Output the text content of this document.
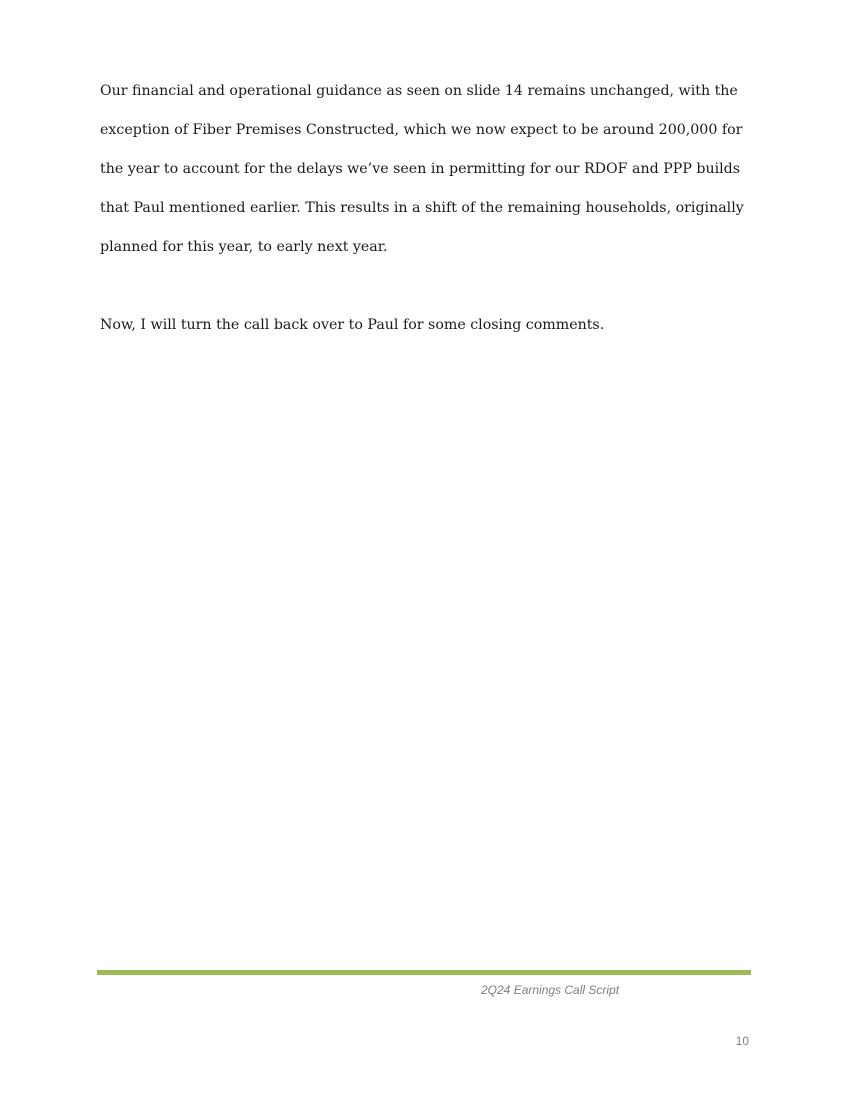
Our financial and operational guidance as seen on slide 14 remains unchanged, with the exception of Fiber Premises Constructed, which we now expect to be around 200,000 for the year to account for the delays we’ve seen in permitting for our RDOF and PPP builds that Paul mentioned earlier. This results in a shift of the remaining households, originally planned for this year, to early next year.

Now, I will turn the call back over to Paul for some closing comments.

2Q24 Earnings Call Script
10
